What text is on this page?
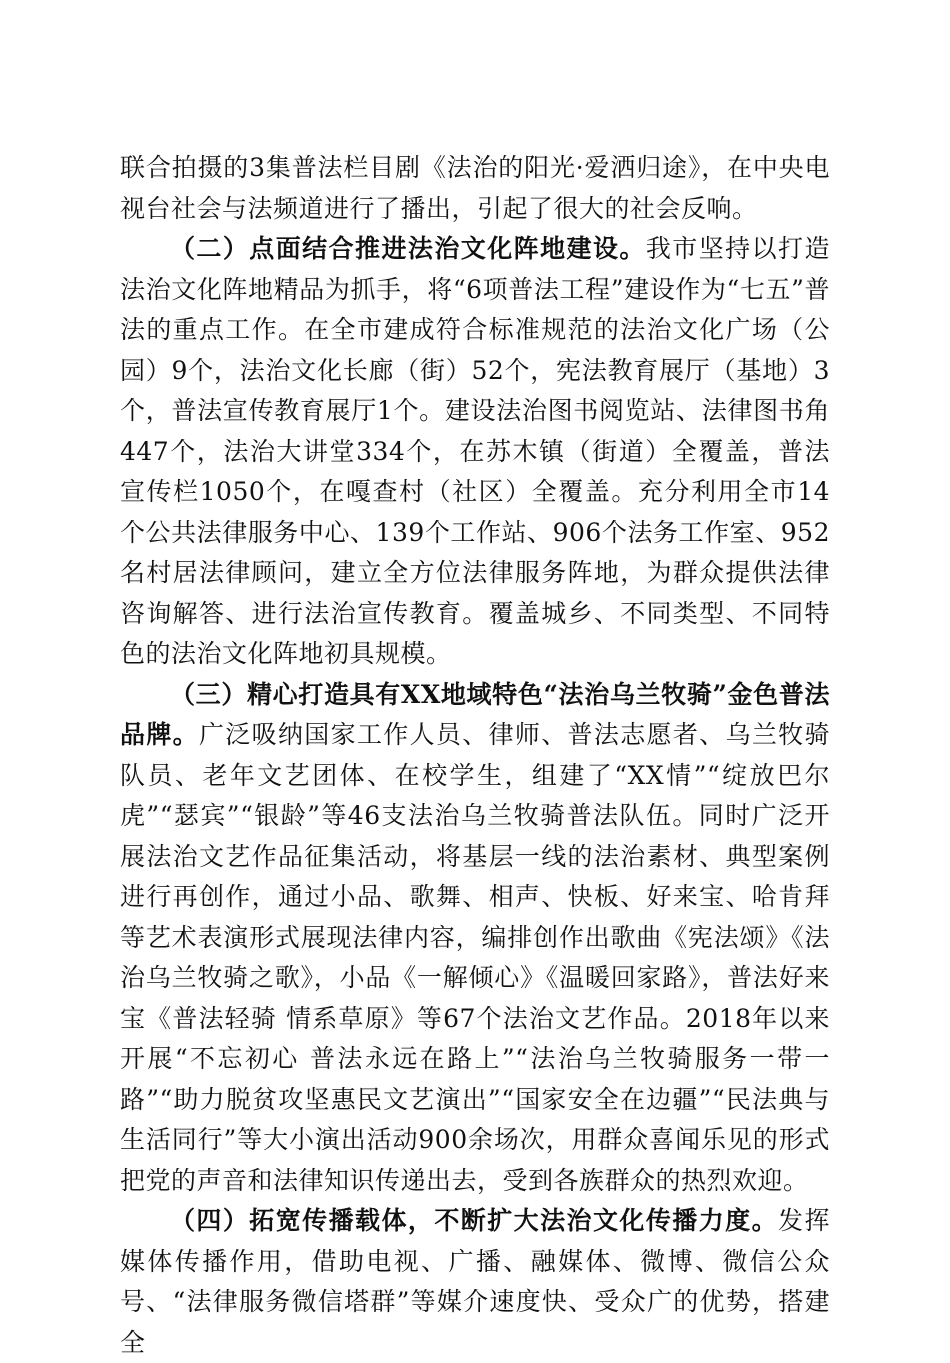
联合拍摄的3集普法栏目剧《法治的阳光·爱洒归途》，在中央电视台社会与法频道进行了播出，引起了很大的社会反响。

（二）点面结合推进法治文化阵地建设。我市坚持以打造法治文化阵地精品为抓手，将“6项普法工程”建设作为“七五”普法的重点工作。在全市建成符合标准规范的法治文化广场（公园）9个，法治文化长廊（街）52个，宪法教育展厅（基地）3个，普法宣传教育展厅1个。建设法治图书阅览站、法律图书角447个，法治大讲堂334个，在苏木镇（街道）全覆盖，普法宣传栏1050个，在嘎查村（社区）全覆盖。充分利用全市14个公共法律服务中心、139个工作站、906个法务工作室、952名村居法律顾问，建立全方位法律服务阵地，为群众提供法律咨询解答、进行法治宣传教育。覆盖城乡、不同类型、不同特色的法治文化阵地初具规模。

（三）精心打造具有XX地域特色“法治乌兰牧骑”金色普法品牌。广泛吸纳国家工作人员、律师、普法志愿者、乌兰牧骑队员、老年文艺团体、在校学生，组建了“XX情”“绽放巴尔虎”“瑟宾”“银龄”等46支法治乌兰牧骑普法队伍。同时广泛开展法治文艺作品征集活动，将基层一线的法治素材、典型案例进行再创作，通过小品、歌舞、相声、快板、好来宝、哈肯拜等艺术表演形式展现法律内容，编排创作出歌曲《宪法颂》《法治乌兰牧骑之歌》，小品《一解倾心》《温暖回家路》，普法好来宝《普法轻骑 情系草原》等67个法治文艺作品。2018年以来开展“不忘初心 普法永远在路上”“法治乌兰牧骑服务一带一路”“助力脱贫攻坚惠民文艺演出”“国家安全在边疆”“民法典与生活同行”等大小演出活动900余场次，用群众喜闻乐见的形式把党的声音和法律知识传递出去，受到各族群众的热烈欢迎。

（四）拓宽传播载体，不断扩大法治文化传播力度。发挥媒体传播作用，借助电视、广播、融媒体、微博、微信公众号、“法律服务微信塔群”等媒介速度快、受众广的优势，搭建全
